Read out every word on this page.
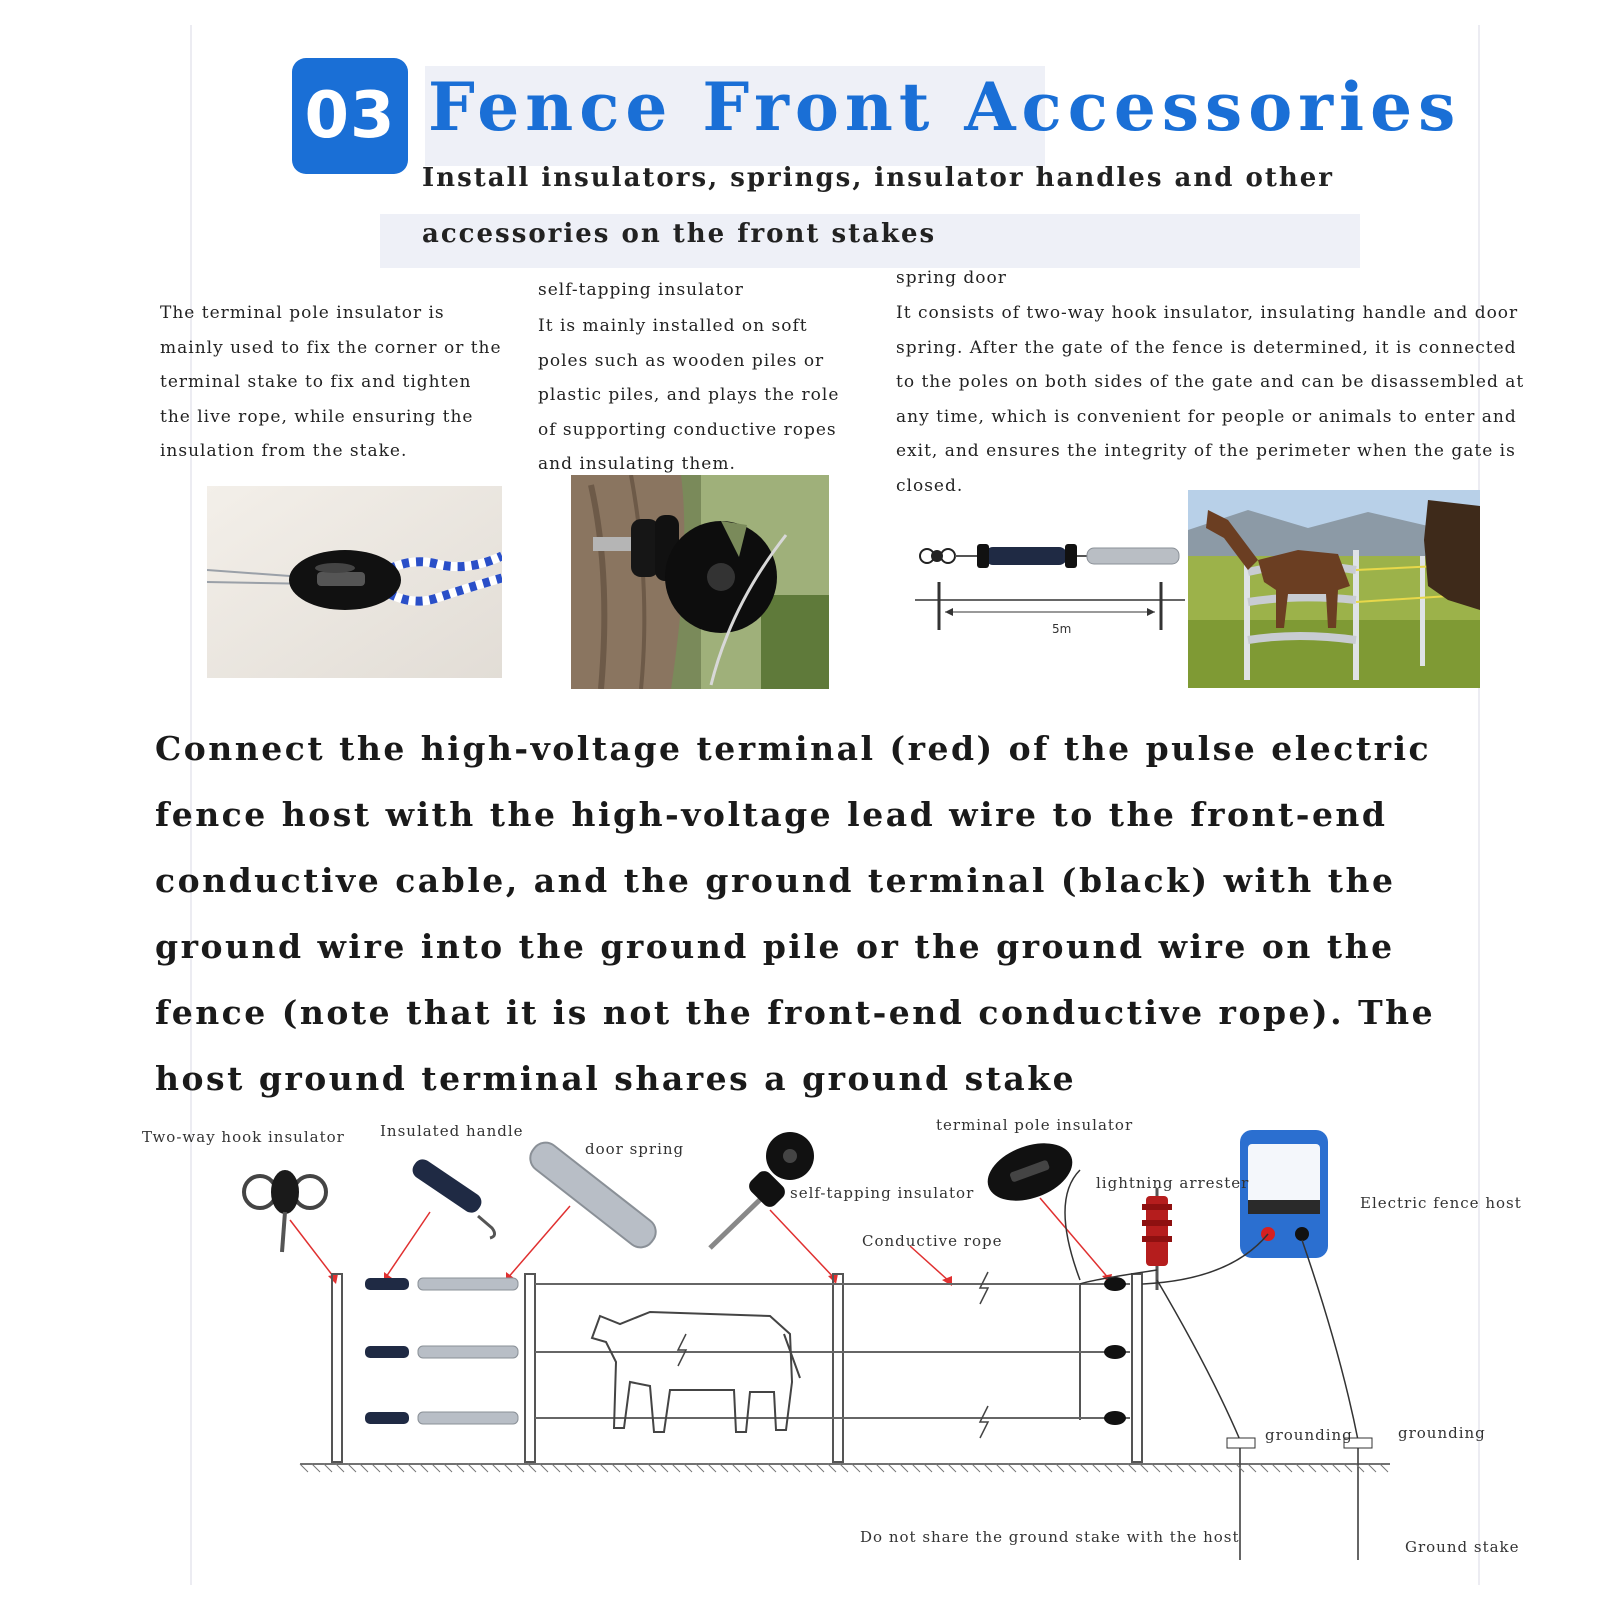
03 Fence Front Accessories
Install insulators, springs, insulator handles and other accessories on the front stakes
The terminal pole insulator is mainly used to fix the corner or the terminal stake to fix and tighten the live rope, while ensuring the insulation from the stake.
self-tapping insulator
It is mainly installed on soft poles such as wooden piles or plastic piles, and plays the role of supporting conductive ropes and insulating them.
spring door
It consists of two-way hook insulator, insulating handle and door spring. After the gate of the fence is determined, it is connected to the poles on both sides of the gate and can be disassembled at any time, which is convenient for people or animals to enter and exit, and ensures the integrity of the perimeter when the gate is closed.
5m
Connect the high-voltage terminal (red) of the pulse electric fence host with the high-voltage lead wire to the front-end conductive cable, and the ground terminal (black) with the ground wire into the ground pile or the ground wire on the fence (note that it is not the front-end conductive rope). The host ground terminal shares a ground stake
Two-way hook insulator Insulated handle
door spring
terminal pole insulator
self-tapping insulator
lightning arrester
Electric fence host
Conductive rope
grounding	grounding
Do not share the ground stake with the host
Ground stake
